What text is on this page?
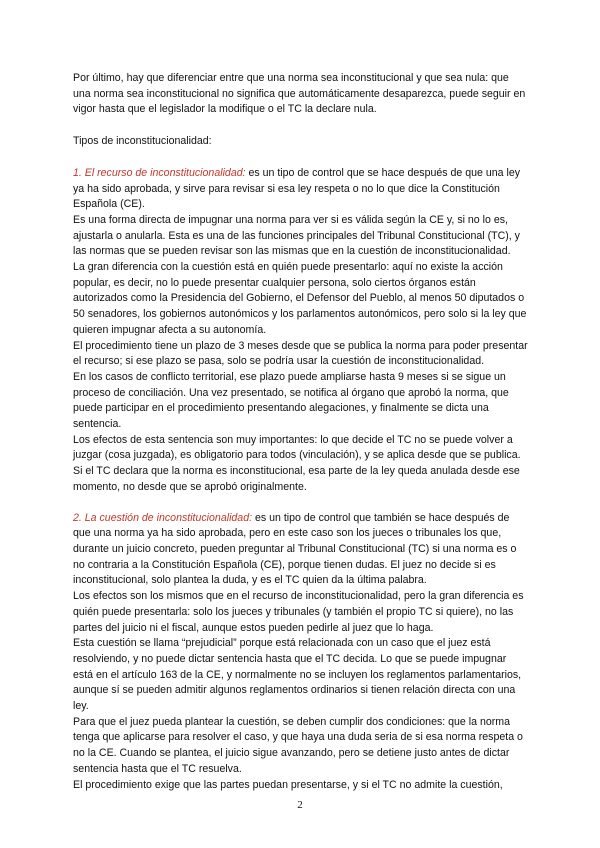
Por último, hay que diferenciar entre que una norma sea inconstitucional y que sea nula: que una norma sea inconstitucional no significa que automáticamente desaparezca, puede seguir en vigor hasta que el legislador la modifique o el TC la declare nula.

Tipos de inconstitucionalidad:

1. El recurso de inconstitucionalidad: es un tipo de control que se hace después de que una ley ya ha sido aprobada, y sirve para revisar si esa ley respeta o no lo que dice la Constitución Española (CE).

Es una forma directa de impugnar una norma para ver si es válida según la CE y, si no lo es, ajustarla o anularla. Esta es una de las funciones principales del Tribunal Constitucional (TC), y las normas que se pueden revisar son las mismas que en la cuestión de inconstitucionalidad.

La gran diferencia con la cuestión está en quién puede presentarlo: aquí no existe la acción popular, es decir, no lo puede presentar cualquier persona, solo ciertos órganos están autorizados como la Presidencia del Gobierno, el Defensor del Pueblo, al menos 50 diputados o 50 senadores, los gobiernos autonómicos y los parlamentos autonómicos, pero solo si la ley que quieren impugnar afecta a su autonomía.

El procedimiento tiene un plazo de 3 meses desde que se publica la norma para poder presentar el recurso; si ese plazo se pasa, solo se podría usar la cuestión de inconstitucionalidad.

En los casos de conflicto territorial, ese plazo puede ampliarse hasta 9 meses si se sigue un proceso de conciliación. Una vez presentado, se notifica al órgano que aprobó la norma, que puede participar en el procedimiento presentando alegaciones, y finalmente se dicta una sentencia.

Los efectos de esta sentencia son muy importantes: lo que decide el TC no se puede volver a juzgar (cosa juzgada), es obligatorio para todos (vinculación), y se aplica desde que se publica. Si el TC declara que la norma es inconstitucional, esa parte de la ley queda anulada desde ese momento, no desde que se aprobó originalmente.

2. La cuestión de inconstitucionalidad: es un tipo de control que también se hace después de que una norma ya ha sido aprobada, pero en este caso son los jueces o tribunales los que, durante un juicio concreto, pueden preguntar al Tribunal Constitucional (TC) si una norma es o no contraria a la Constitución Española (CE), porque tienen dudas. El juez no decide si es inconstitucional, solo plantea la duda, y es el TC quien da la última palabra.

Los efectos son los mismos que en el recurso de inconstitucionalidad, pero la gran diferencia es quién puede presentarla: solo los jueces y tribunales (y también el propio TC si quiere), no las partes del juicio ni el fiscal, aunque estos pueden pedirle al juez que lo haga.

Esta cuestión se llama “prejudicial” porque está relacionada con un caso que el juez está resolviendo, y no puede dictar sentencia hasta que el TC decida. Lo que se puede impugnar está en el artículo 163 de la CE, y normalmente no se incluyen los reglamentos parlamentarios, aunque sí se pueden admitir algunos reglamentos ordinarios si tienen relación directa con una ley.

Para que el juez pueda plantear la cuestión, se deben cumplir dos condiciones: que la norma tenga que aplicarse para resolver el caso, y que haya una duda seria de si esa norma respeta o no la CE. Cuando se plantea, el juicio sigue avanzando, pero se detiene justo antes de dictar sentencia hasta que el TC resuelva.

El procedimiento exige que las partes puedan presentarse, y si el TC no admite la cuestión,

2
